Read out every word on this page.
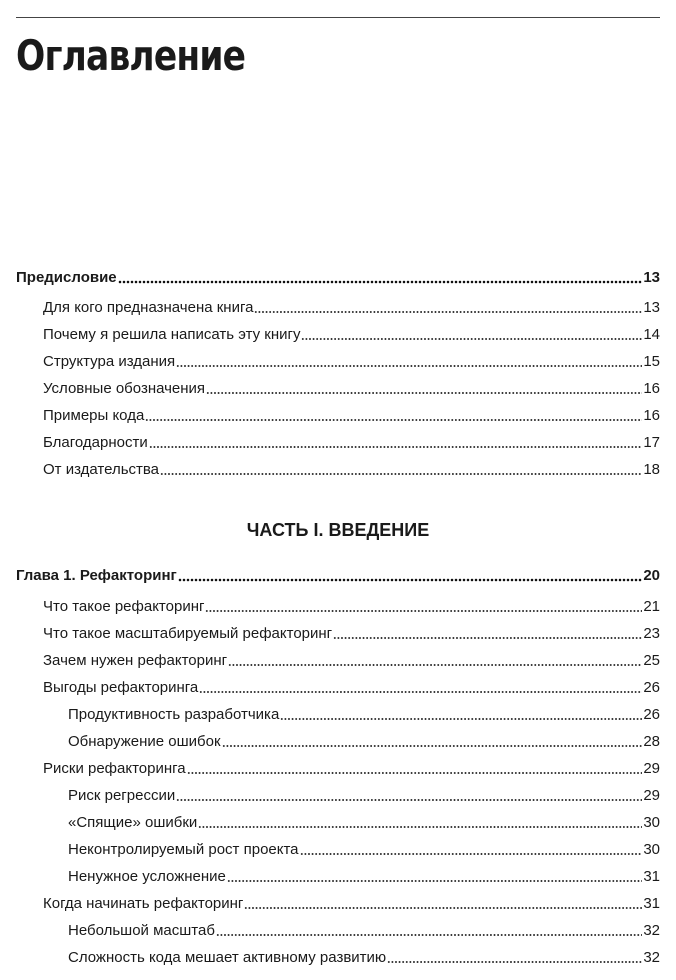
Оглавление
Предисловие	13
Для кого предназначена книга	13
Почему я решила написать эту книгу	14
Структура издания	15
Условные обозначения	16
Примеры кода	16
Благодарности	17
От издательства	18
ЧАСТЬ I. ВВЕДЕНИЕ
Глава 1. Рефакторинг	20
Что такое рефакторинг	21
Что такое масштабируемый рефакторинг	23
Зачем нужен рефакторинг	25
Выгоды рефакторинга	26
Продуктивность разработчика	26
Обнаружение ошибок	28
Риски рефакторинга	29
Риск регрессии	29
«Спящие» ошибки	30
Неконтролируемый рост проекта	30
Ненужное усложнение	31
Когда начинать рефакторинг	31
Небольшой масштаб	32
Сложность кода мешает активному развитию	32
